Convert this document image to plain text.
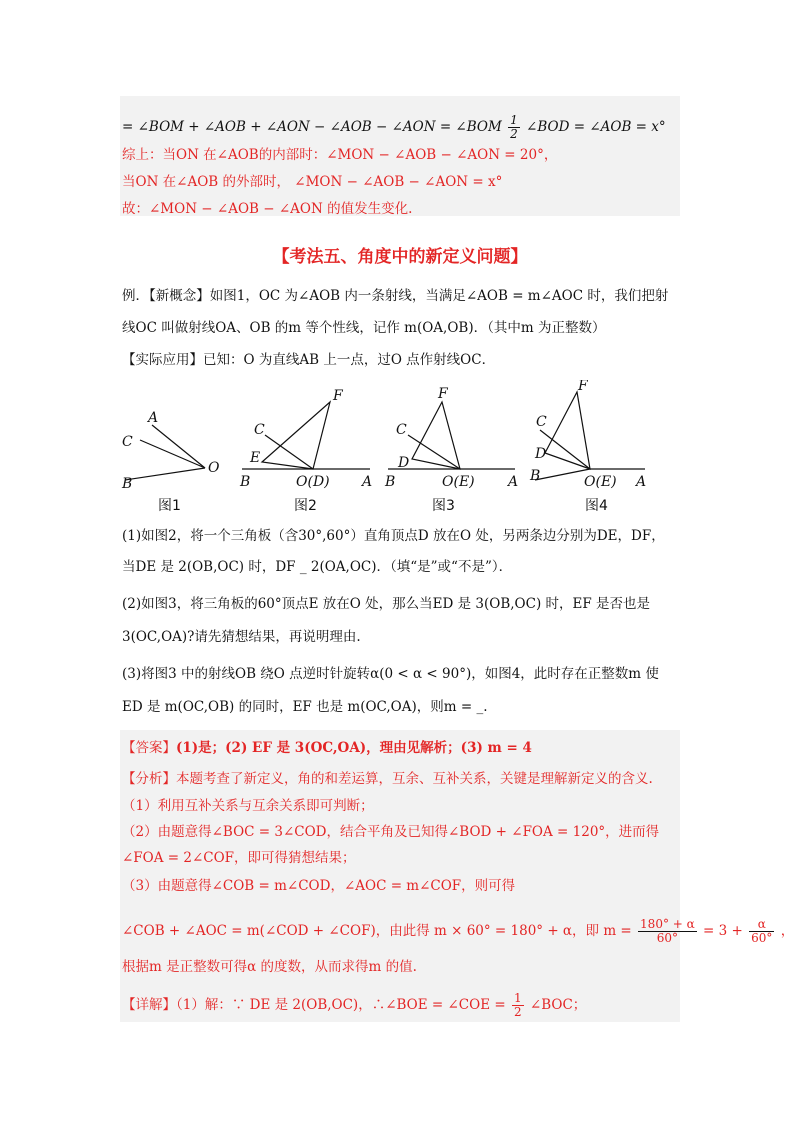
= ∠BOM + ∠AOB + ∠AON − ∠AOB − ∠AON = ∠BOM $\frac{1}{2}$ ∠BOD = ∠AOB = x°
综上：当ON 在∠AOB的内部时：∠MON − ∠AOB − ∠AON = 20°，
当ON 在∠AOB 的外部时， ∠MON − ∠AOB − ∠AON = x°
故：∠MON − ∠AOB − ∠AON 的值发生变化.
【考法五、角度中的新定义问题】
例．【新概念】如图1，OC 为∠AOB 内一条射线，当满足∠AOB = m∠AOC 时，我们把射
线OC 叫做射线OA、OB 的m 等个性线，记作 m(OA,OB)．（其中m 为正整数）
【实际应用】已知：O 为直线AB 上一点，过O 点作射线OC．
A
C
B
O
图1
F
C
E
B	O(D) A
图2
F
C
D
B	O(E) A
图3
F
C
D
B	O(E) A
图4
(1)如图2，将一个三角板（含30°,60°）直角顶点D 放在O 处，另两条边分别为DE，DF，
当DE 是 2(OB,OC) 时，DF _ 2(OA,OC)．（填“是”或“不是”）．
(2)如图3，将三角板的60°顶点E 放在O 处，那么当ED 是 3(OB,OC) 时，EF 是否也是
3(OC,OA)?请先猜想结果，再说明理由.
(3)将图3 中的射线OB 绕O 点逆时针旋转α(0 < α < 90°)，如图4，此时存在正整数m 使
ED 是 m(OC,OB) 的同时，EF 也是 m(OC,OA)，则m = _.
【答案】(1)是；(2) EF 是 3(OC,OA)，理由见解析；(3) m = 4
【分析】本题考查了新定义，角的和差运算，互余、互补关系，关键是理解新定义的含义.
（1）利用互补关系与互余关系即可判断；
（2）由题意得∠BOC = 3∠COD，结合平角及已知得∠BOD + ∠FOA = 120°，进而得
∠FOA = 2∠COF，即可得猜想结果；
（3）由题意得∠COB = m∠COD，∠AOC = m∠COF，则可得
∠COB + ∠AOC = m(∠COD + ∠COF)，由此得 m × 60° = 180° + α，即 $m = \frac{180^\circ + \alpha}{60^\circ} = 3 + \frac{\alpha}{60^\circ}$ ，
根据m 是正整数可得α 的度数，从而求得m 的值.
【详解】（1）解：∵ DE 是 2(OB,OC)，∴∠BOE = ∠COE = $\frac{1}{2}$ ∠BOC；
